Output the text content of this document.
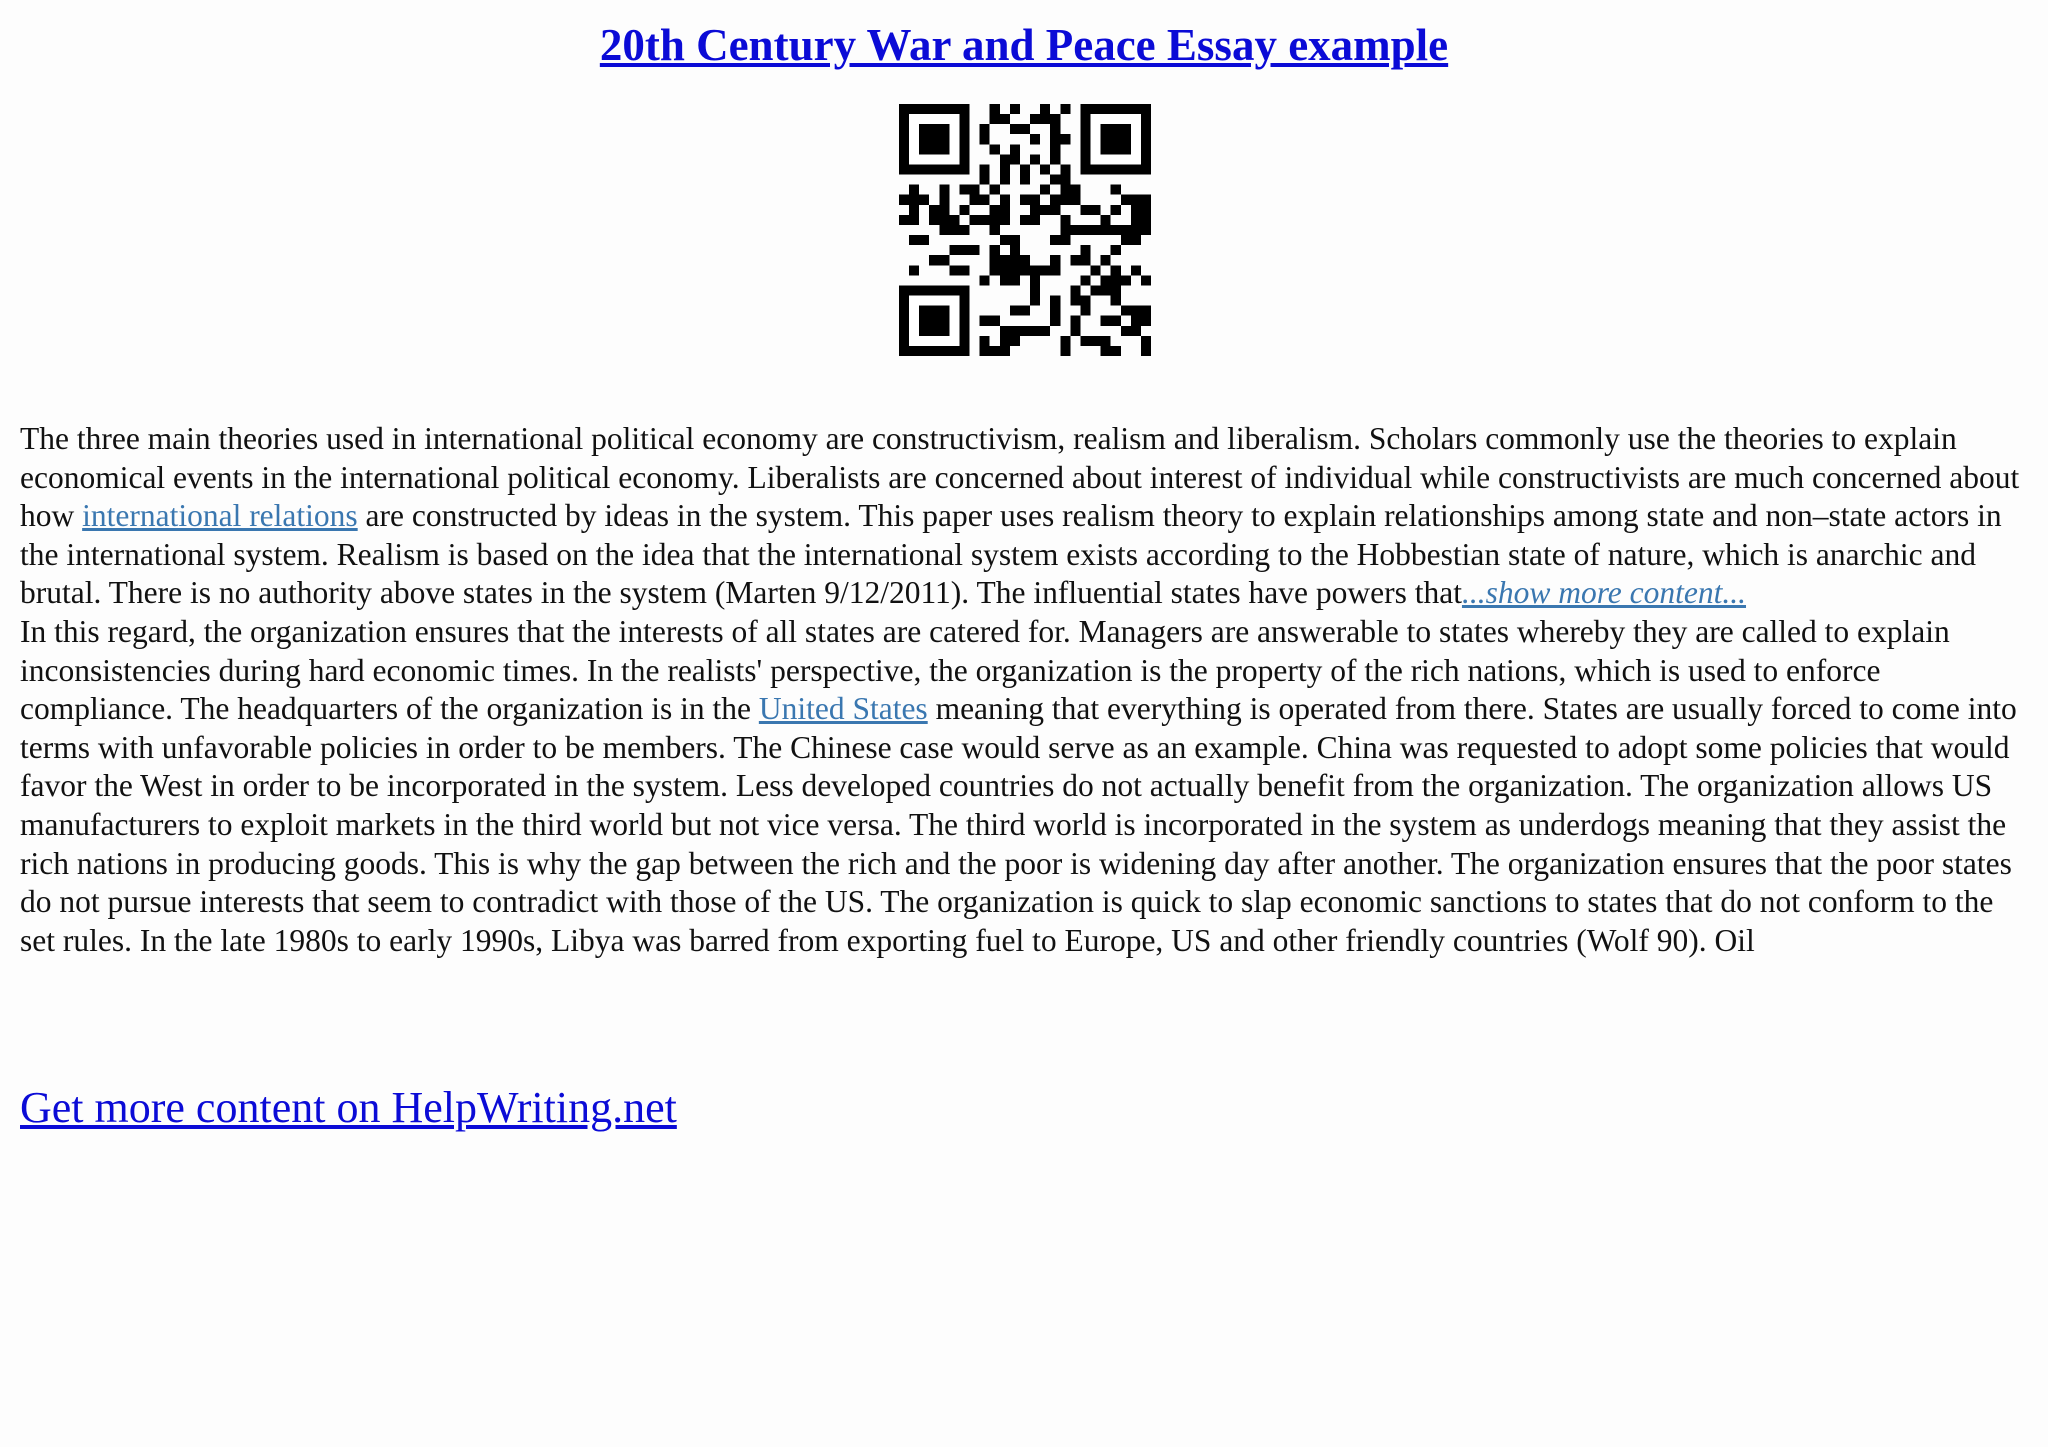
20th Century War and Peace Essay example

The three main theories used in international political economy are constructivism, realism and liberalism. Scholars commonly use the theories to explain economical events in the international political economy. Liberalists are concerned about interest of individual while constructivists are much concerned about how international relations are constructed by ideas in the system. This paper uses realism theory to explain relationships among state and non–state actors in the international system. Realism is based on the idea that the international system exists according to the Hobbestian state of nature, which is anarchic and brutal. There is no authority above states in the system (Marten 9/12/2011). The influential states have powers that...show more content...

In this regard, the organization ensures that the interests of all states are catered for. Managers are answerable to states whereby they are called to explain inconsistencies during hard economic times. In the realists' perspective, the organization is the property of the rich nations, which is used to enforce compliance. The headquarters of the organization is in the United States meaning that everything is operated from there. States are usually forced to come into terms with unfavorable policies in order to be members. The Chinese case would serve as an example. China was requested to adopt some policies that would favor the West in order to be incorporated in the system. Less developed countries do not actually benefit from the organization. The organization allows US manufacturers to exploit markets in the third world but not vice versa. The third world is incorporated in the system as underdogs meaning that they assist the rich nations in producing goods. This is why the gap between the rich and the poor is widening day after another. The organization ensures that the poor states do not pursue interests that seem to contradict with those of the US. The organization is quick to slap economic sanctions to states that do not conform to the set rules. In the late 1980s to early 1990s, Libya was barred from exporting fuel to Europe, US and other friendly countries (Wolf 90). Oil

Get more content on HelpWriting.net
